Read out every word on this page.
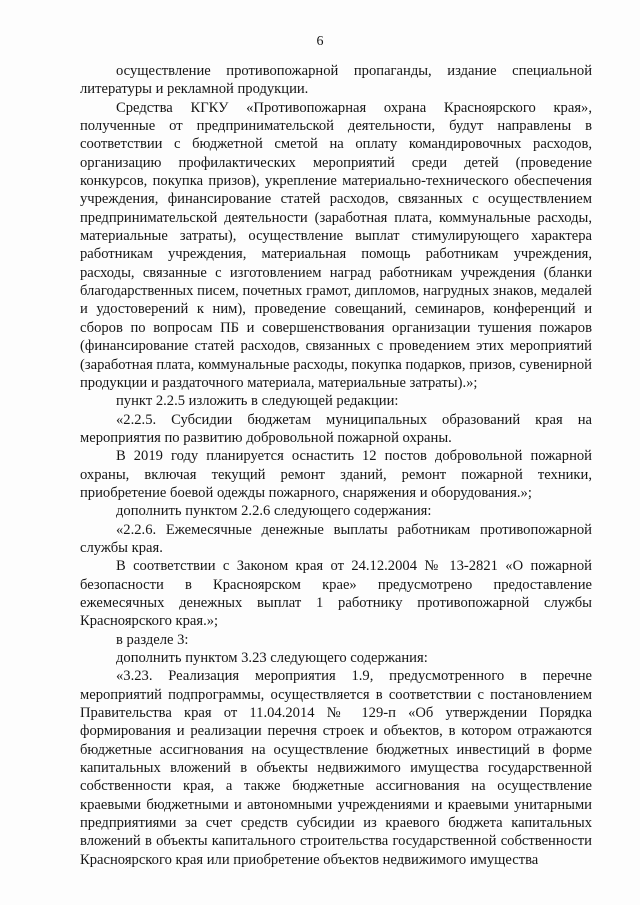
6

осуществление противопожарной пропаганды, издание специальной литературы и рекламной продукции.

Средства КГКУ «Противопожарная охрана Красноярского края», полученные от предпринимательской деятельности, будут направлены в соответствии с бюджетной сметой на оплату командировочных расходов, организацию профилактических мероприятий среди детей (проведение конкурсов, покупка призов), укрепление материально-технического обеспечения учреждения, финансирование статей расходов, связанных с осуществлением предпринимательской деятельности (заработная плата, коммунальные расходы, материальные затраты), осуществление выплат стимулирующего характера работникам учреждения, материальная помощь работникам учреждения, расходы, связанные с изготовлением наград работникам учреждения (бланки благодарственных писем, почетных грамот, дипломов, нагрудных знаков, медалей и удостоверений к ним), проведение совещаний, семинаров, конференций и сборов по вопросам ПБ и совершенствования организации тушения пожаров (финансирование статей расходов, связанных с проведением этих мероприятий (заработная плата, коммунальные расходы, покупка подарков, призов, сувенирной продукции и раздаточного материала, материальные затраты).»;

пункт 2.2.5 изложить в следующей редакции:

«2.2.5. Субсидии бюджетам муниципальных образований края на мероприятия по развитию добровольной пожарной охраны.

В 2019 году планируется оснастить 12 постов добровольной пожарной охраны, включая текущий ремонт зданий, ремонт пожарной техники, приобретение боевой одежды пожарного, снаряжения и оборудования.»;

дополнить пунктом 2.2.6 следующего содержания:

«2.2.6. Ежемесячные денежные выплаты работникам противопожарной службы края.

В соответствии с Законом края от 24.12.2004 № 13-2821 «О пожарной безопасности в Красноярском крае» предусмотрено предоставление ежемесячных денежных выплат 1 работнику противопожарной службы Красноярского края.»;

в разделе 3:

дополнить пунктом 3.23 следующего содержания:

«3.23. Реализация мероприятия 1.9, предусмотренного в перечне мероприятий подпрограммы, осуществляется в соответствии с постановлением Правительства края от 11.04.2014 № 129-п «Об утверждении Порядка формирования и реализации перечня строек и объектов, в котором отражаются бюджетные ассигнования на осуществление бюджетных инвестиций в форме капитальных вложений в объекты недвижимого имущества государственной собственности края, а также бюджетные ассигнования на осуществление краевыми бюджетными и автономными учреждениями и краевыми унитарными предприятиями за счет средств субсидии из краевого бюджета капитальных вложений в объекты капитального строительства государственной собственности Красноярского края или приобретение объектов недвижимого имущества
